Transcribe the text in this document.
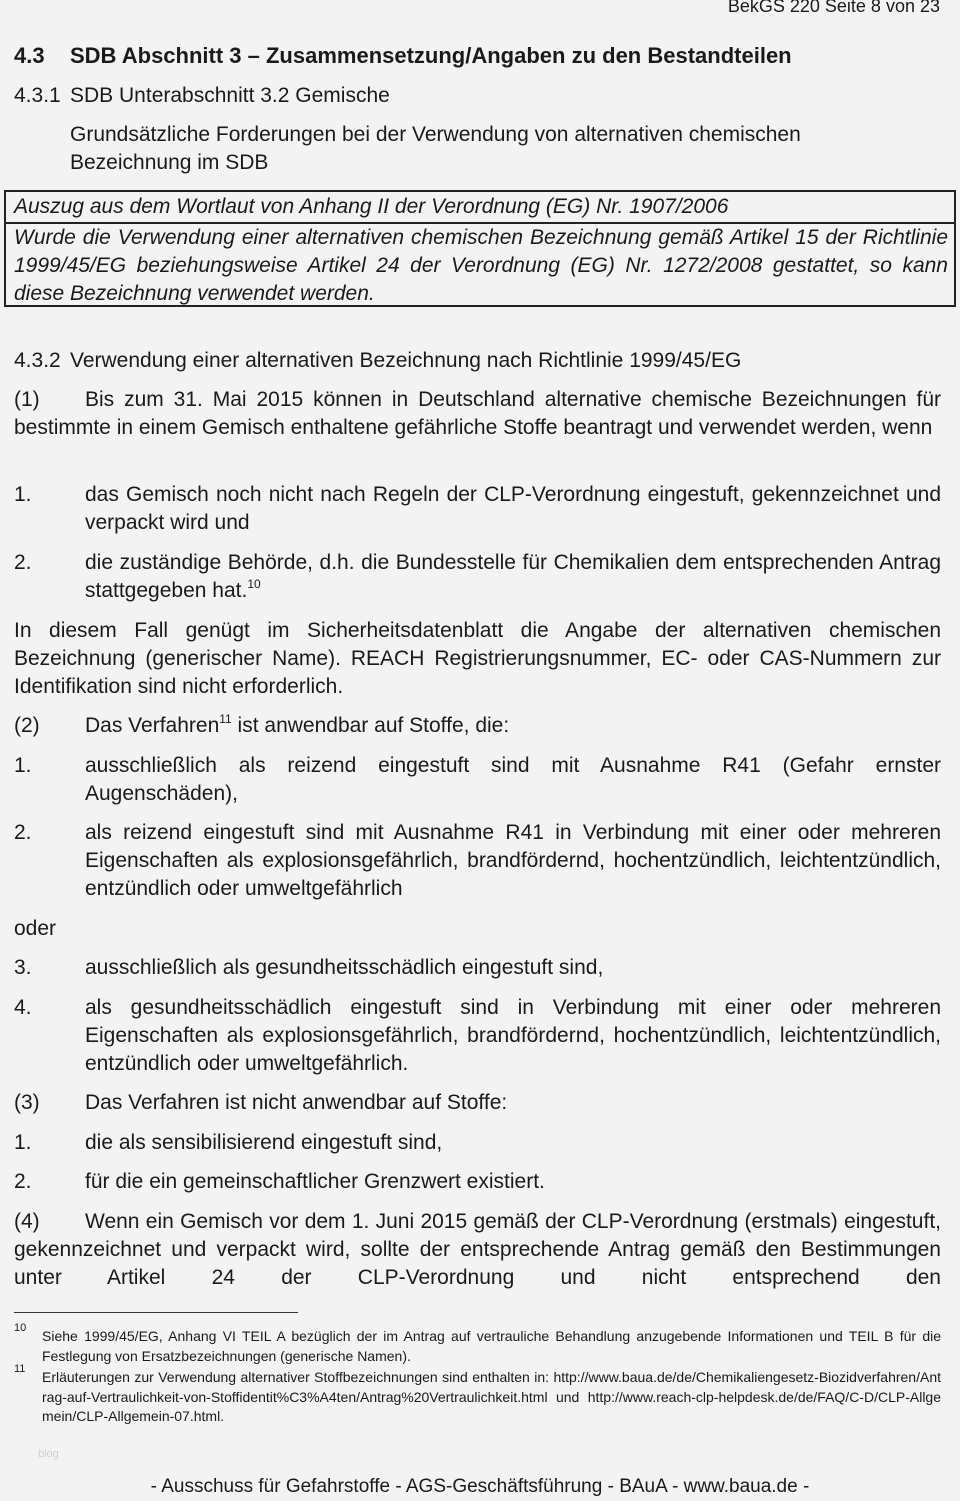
BekGS 220 Seite 8 von 23
4.3 SDB Abschnitt 3 – Zusammensetzung/Angaben zu den Bestandteilen
4.3.1 SDB Unterabschnitt 3.2 Gemische
Grundsätzliche Forderungen bei der Verwendung von alternativen chemischen Bezeichnung im SDB
Auszug aus dem Wortlaut von Anhang II der Verordnung (EG) Nr. 1907/2006
Wurde die Verwendung einer alternativen chemischen Bezeichnung gemäß Artikel 15 der Richtlinie 1999/45/EG beziehungsweise Artikel 24 der Verordnung (EG) Nr. 1272/2008 gestattet, so kann diese Bezeichnung verwendet werden.
4.3.2 Verwendung einer alternativen Bezeichnung nach Richtlinie 1999/45/EG
(1) Bis zum 31. Mai 2015 können in Deutschland alternative chemische Bezeichnungen für bestimmte in einem Gemisch enthaltene gefährliche Stoffe beantragt und verwendet werden, wenn
1.	das Gemisch noch nicht nach Regeln der CLP-Verordnung eingestuft, gekennzeichnet und verpackt wird und
2.	die zuständige Behörde, d.h. die Bundesstelle für Chemikalien dem entsprechenden Antrag stattgegeben hat.$^{10}$
In diesem Fall genügt im Sicherheitsdatenblatt die Angabe der alternativen chemischen Bezeichnung (generischer Name). REACH Registrierungsnummer, EC- oder CAS-Nummern zur Identifikation sind nicht erforderlich.
(2) Das Verfahren$^{11}$ ist anwendbar auf Stoffe, die:
1.	ausschließlich als reizend eingestuft sind mit Ausnahme R41 (Gefahr ernster Augenschäden),
2.	als reizend eingestuft sind mit Ausnahme R41 in Verbindung mit einer oder mehreren Eigenschaften als explosionsgefährlich, brandfördernd, hochentzündlich, leichtentzündlich, entzündlich oder umweltgefährlich
oder
3.	ausschließlich als gesundheitsschädlich eingestuft sind,
4.	als gesundheitsschädlich eingestuft sind in Verbindung mit einer oder mehreren Eigenschaften als explosionsgefährlich, brandfördernd, hochentzündlich, leichtentzündlich, entzündlich oder umweltgefährlich.
(3) Das Verfahren ist nicht anwendbar auf Stoffe:
1.	die als sensibilisierend eingestuft sind,
2.	für die ein gemeinschaftlicher Grenzwert existiert.
(4) Wenn ein Gemisch vor dem 1. Juni 2015 gemäß der CLP-Verordnung (erstmals) eingestuft, gekennzeichnet und verpackt wird, sollte der entsprechende Antrag gemäß den Bestimmungen unter Artikel 24 der CLP-Verordnung und nicht entsprechend den
10 Siehe 1999/45/EG, Anhang VI TEIL A bezüglich der im Antrag auf vertrauliche Behandlung anzugebende Informationen und TEIL B für die Festlegung von Ersatzbezeichnungen (generische Namen).
11 Erläuterungen zur Verwendung alternativer Stoffbezeichnungen sind enthalten in: http://www.baua.de/de/Chemikaliengesetz-Biozidverfahren/Antrag-auf-Vertraulichkeit-von-Stoffidentit%C3%A4ten/Antrag%20Vertraulichkeit.html und http://www.reach-clp-helpdesk.de/de/FAQ/C-D/CLP-Allgemein/CLP-Allgemein-07.html.
blog
- Ausschuss für Gefahrstoffe - AGS-Geschäftsführung - BAuA - www.baua.de -
